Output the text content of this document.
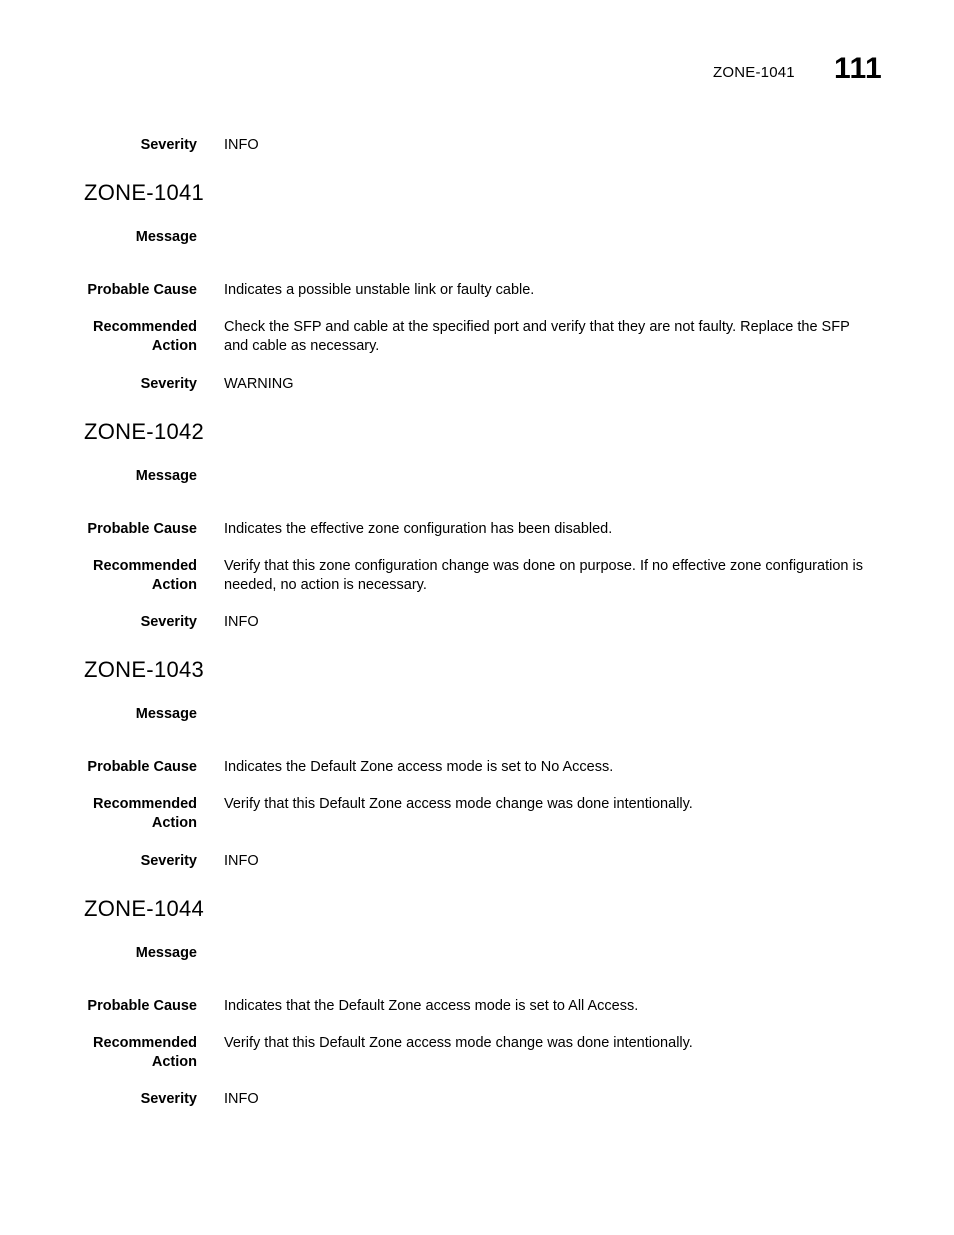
ZONE-1041 111
Severity INFO
ZONE-1041
Message
Probable Cause Indicates a possible unstable link or faulty cable.
Recommended
Action
Check the SFP and cable at the specified port and verify that they are not faulty. Replace the SFP and cable as necessary.
Severity WARNING
ZONE-1042
Message
Probable Cause Indicates the effective zone configuration has been disabled.
Recommended
Action
Verify that this zone configuration change was done on purpose. If no effective zone configuration is needed, no action is necessary.
Severity INFO
ZONE-1043
Message
Probable Cause Indicates the Default Zone access mode is set to No Access.
Recommended
Action
Verify that this Default Zone access mode change was done intentionally.
Severity INFO
ZONE-1044
Message
Probable Cause Indicates that the Default Zone access mode is set to All Access.
Recommended
Action
Verify that this Default Zone access mode change was done intentionally.
Severity INFO
